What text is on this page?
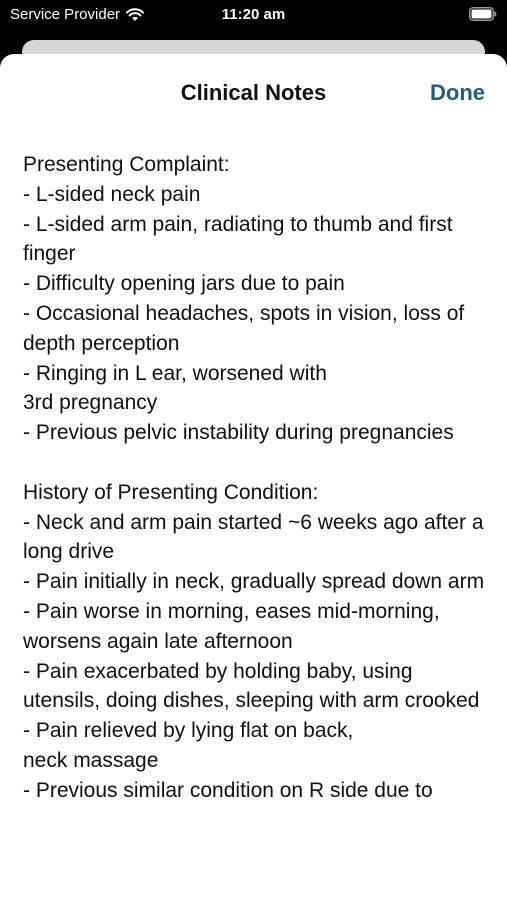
Service Provider	11:20 am
Clinical Notes	Done
Presenting Complaint:
- L-sided neck pain
- L-sided arm pain, radiating to thumb and first finger
- Difficulty opening jars due to pain
- Occasional headaches, spots in vision, loss of depth perception
- Ringing in L ear, worsened with
3rd pregnancy
- Previous pelvic instability during pregnancies

History of Presenting Condition:
- Neck and arm pain started ~6 weeks ago after a long drive
- Pain initially in neck, gradually spread down arm
- Pain worse in morning, eases mid-morning, worsens again late afternoon
- Pain exacerbated by holding baby, using utensils, doing dishes, sleeping with arm crooked
- Pain relieved by lying flat on back,
neck massage
- Previous similar condition on R side due to
